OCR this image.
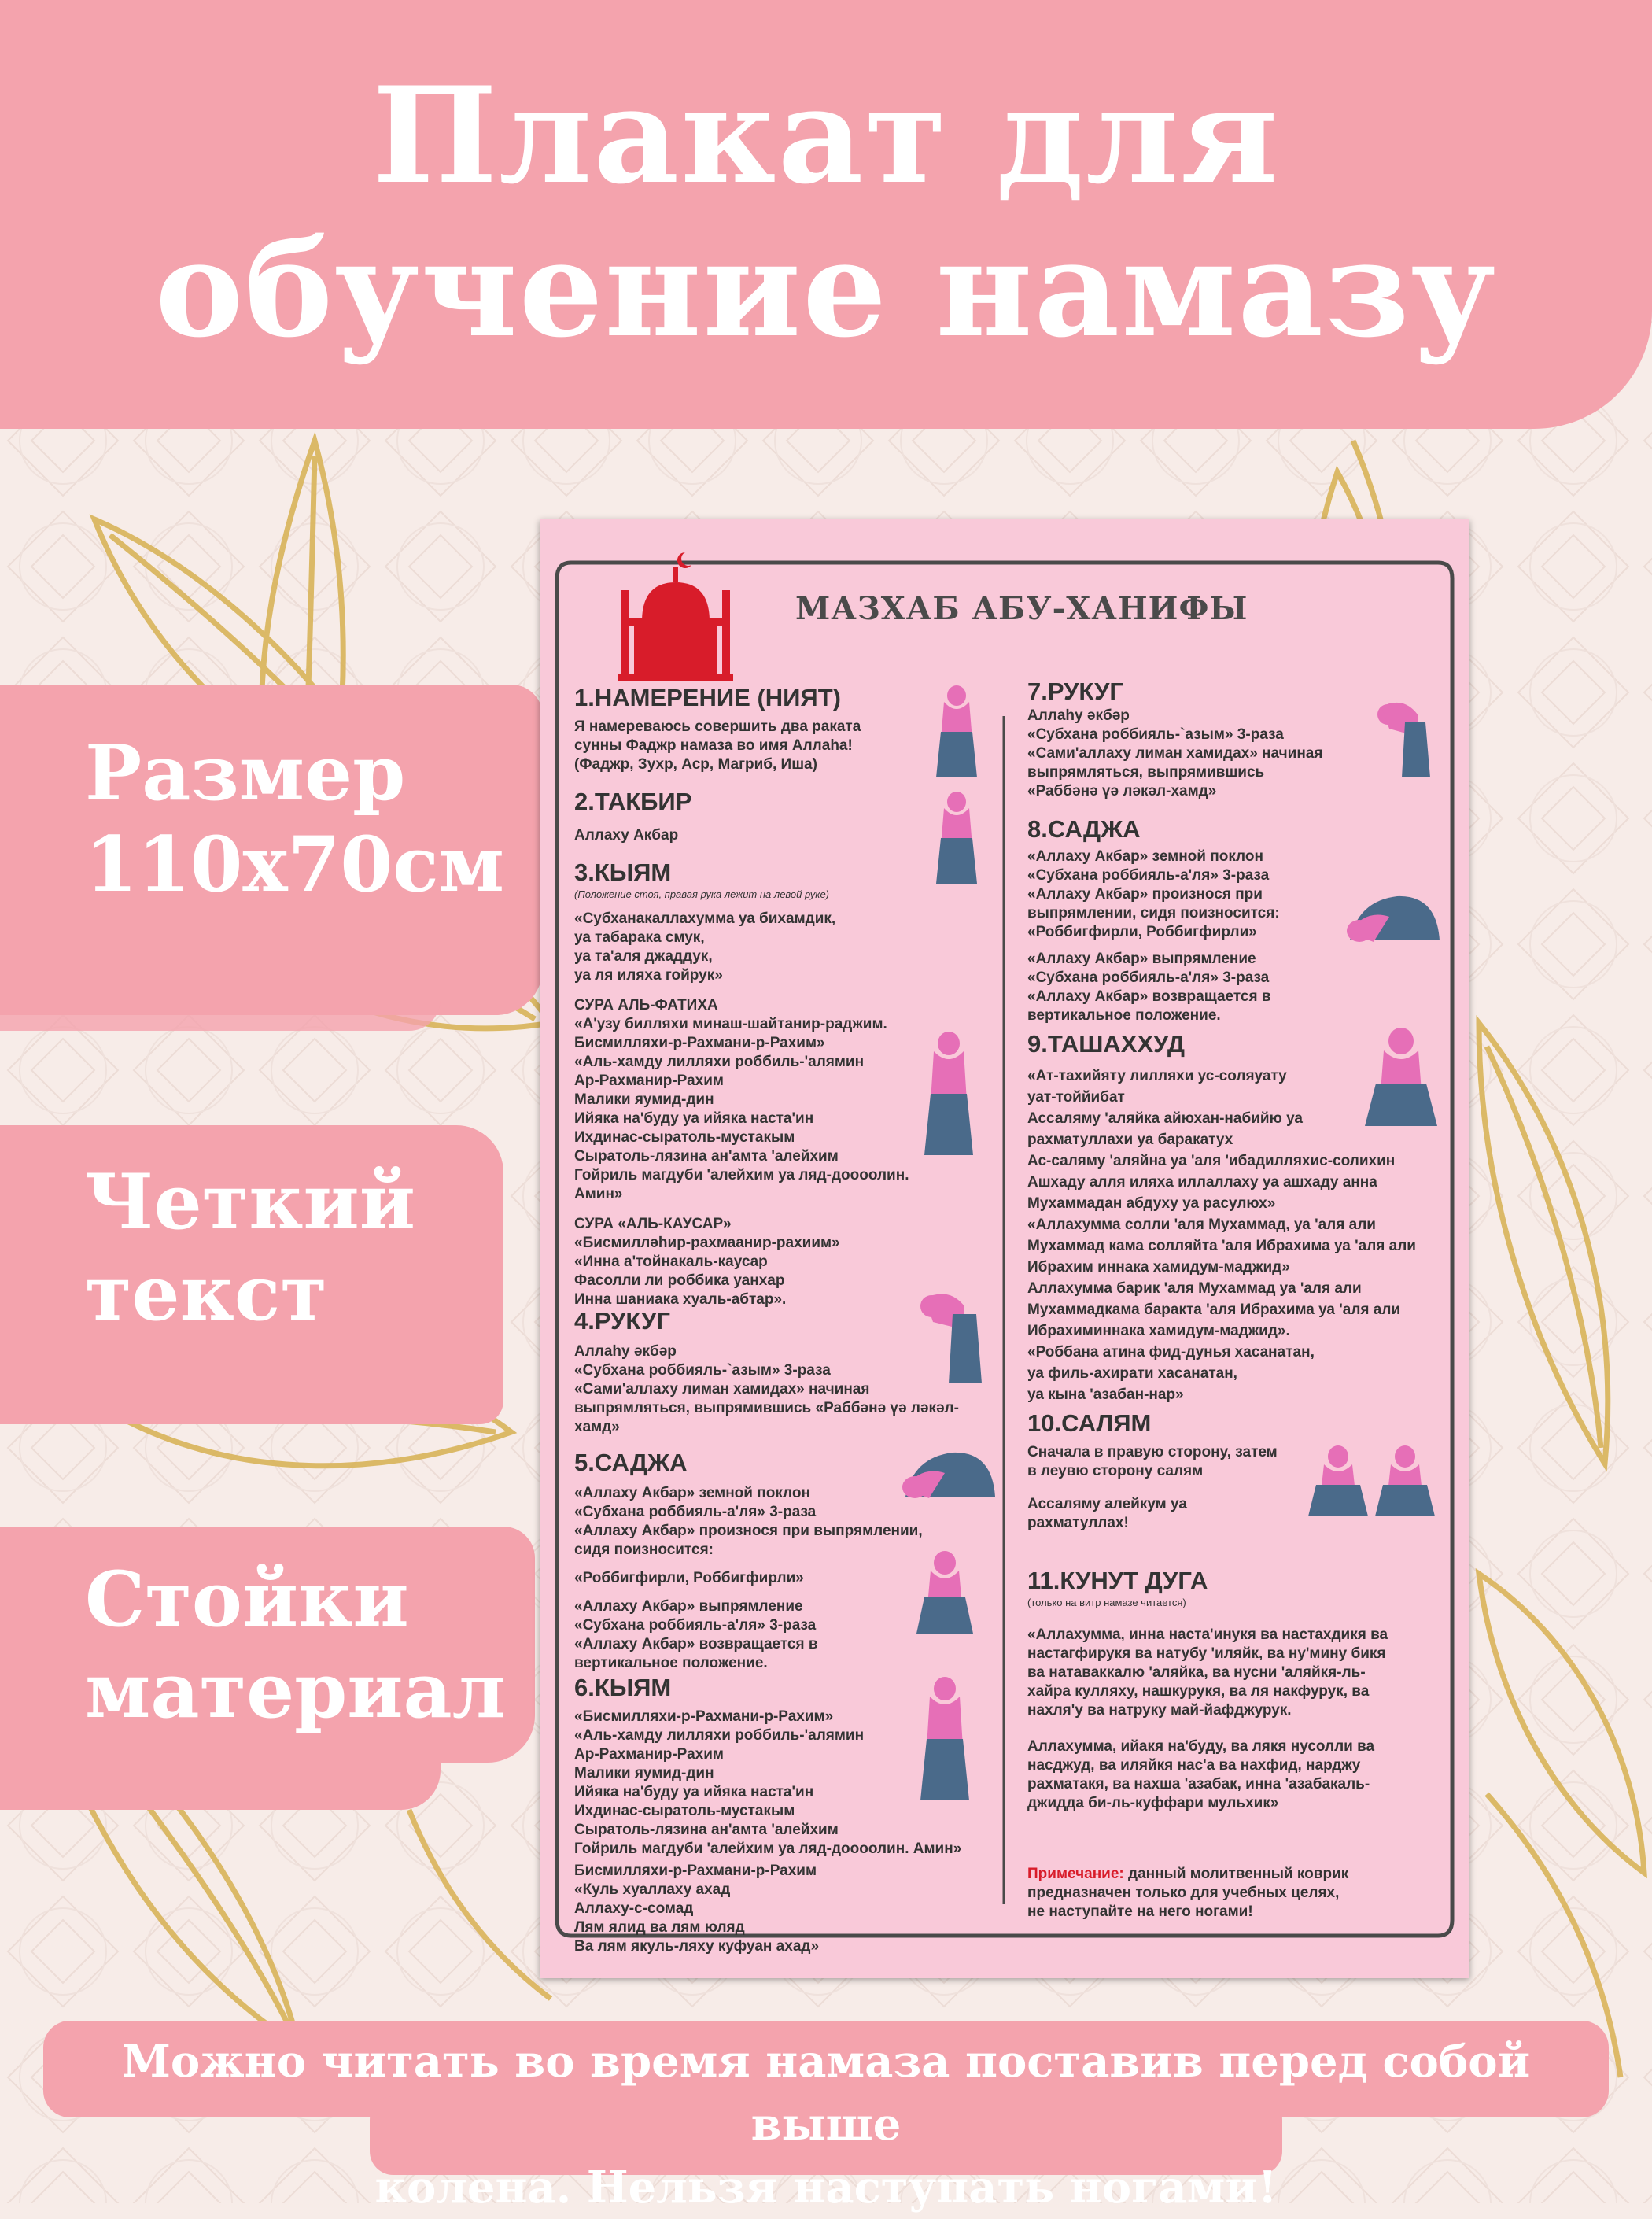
Плакат для
обучение намазу
Размер
110х70см
Четкий
текст
Стойки
материал
МАЗХАБ АБУ-ХАНИФЫ
1.НАМЕРЕНИЕ (НИЯТ)
Я намереваюсь совершить два раката
сунны Фаджр намаза во имя Аллаhа!
(Фаджр, Зухр, Аср, Магриб, Иша)
2.ТАКБИР
Аллаху Акбар
3.КЫЯМ
(Положение стоя, правая рука лежит на левой руке)
«Субханакаллахумма уа бихамдик,
уа табарака смук,
уа та'аля джаддук,
уа ля иляха гойрук»
СУРА АЛЬ-ФАТИХА
«А'узу билляхи минаш-шайтанир-раджим.
Бисмилляхи-р-Рахмани-р-Рахим»
«Аль-хамду лилляхи роббиль-'алямин
Ар-Рахманир-Рахим
Малики яумид-дин
Ийяка на'буду уа ийяка наста'ин
Ихдинас-сыратоль-мустакым
Сыратоль-лязина ан'амта 'алейхим
Гойриль магдуби 'алейхим уа ляд-доооолин.
Амин»
СУРА «АЛЬ-КАУСАР»
«Бисмилләһир-рахмаанир-рахиим»
«Инна а'тойнакаль-каусар
Фасолли ли роббика уанхар
Инна шаниака хуаль-абтар».
4.РУКУГ
Аллаһу әкбәр
«Субхана роббияль-`азым» 3-раза
«Сами'аллаху лиман хамидах» начиная
выпрямляться, выпрямившись «Раббәнә үә ләкәл-
хамд»
5.САДЖА
«Аллаху Акбар» земной поклон
«Субхана роббияль-а'ля» 3-раза
«Аллаху Акбар» произнося при выпрямлении,
сидя поизносится:
«Роббигфирли, Роббигфирли»
«Аллаху Акбар» выпрямление
«Субхана роббияль-а'ля» 3-раза
«Аллаху Акбар» возвращается в
вертикальное положение.
6.КЫЯМ
«Бисмилляхи-р-Рахмани-р-Рахим»
«Аль-хамду лилляхи роббиль-'алямин
Ар-Рахманир-Рахим
Малики яумид-дин
Ийяка на'буду уа ийяка наста'ин
Ихдинас-сыратоль-мустакым
Сыратоль-лязина ан'амта 'алейхим
Гойриль магдуби 'алейхим уа ляд-доооолин. Амин»
Бисмилляхи-р-Рахмани-р-Рахим
«Куль хуаллаху ахад
Аллаху-с-сомад
Лям ялид ва лям юляд
Ва лям якуль-ляху куфуан ахад»
7.РУКУГ
Аллаһу әкбәр
«Субхана роббияль-`азым» 3-раза
«Сами'аллаху лиман хамидах» начиная
выпрямляться, выпрямившись
«Раббәнә үә ләкәл-хамд»
8.САДЖА
«Аллаху Акбар» земной поклон
«Субхана роббияль-а'ля» 3-раза
«Аллаху Акбар» произнося при
выпрямлении, сидя поизносится:
«Роббигфирли, Роббигфирли»
«Аллаху Акбар» выпрямление
«Субхана роббияль-а'ля» 3-раза
«Аллаху Акбар» возвращается в
вертикальное положение.
9.ТАШАХХУД
«Ат-тахийяту лилляхи ус-соляуату
уат-тоййибат
Ассаляму 'аляйка айюхан-набийю уа
рахматуллахи уа баракатух
Ас-саляму 'аляйна уа 'аля 'ибадилляхис-солихин
Ашхаду алля иляха иллаллаху уа ашхаду анна
Мухаммадан абдуху уа расулюх»
«Аллахумма солли 'аля Мухаммад, уа 'аля али
Мухаммад кама солляйта 'аля Ибрахима уа 'аля али
Ибрахим иннака хамидум-маджид»
Аллахумма барик 'аля Мухаммад уа 'аля али
Мухаммадкама баракта 'аля Ибрахима уа 'аля али
Ибрахиминнака хамидум-маджид».
«Роббана атина фид-дунья хасанатан,
уа филь-ахирати хасанатан,
уа кына 'азабан-нар»
10.САЛЯМ
Сначала в правую сторону, затем
в леувю сторону салям
Ассаляму алейкум уа
рахматуллах!
11.КУНУТ ДУГА
(только на витр намазе читается)
«Аллахумма, инна наста'инукя ва настахдикя ва
настагфирукя ва натубу 'иляйк, ва ну'мину бикя
ва натаваккалю 'аляйка, ва нусни 'аляйкя-ль-
хайра кулляху, нашкурукя, ва ля накфурук, ва
нахля'у ва натруку май-йафджурук.
Аллахумма, ийакя на'буду, ва лякя нусолли ва
насджуд, ва иляйкя нас'а ва нахфид, нарджу
рахматакя, ва нахша 'азабак, инна 'азабакаль-
джидда би-ль-куффари мульхик»
Примечание: данный молитвенный коврик
предназначен только для учебных целях,
не наступайте на него ногами!
Можно читать во время намаза поставив перед собой выше
колена. Нельзя наступать ногами!
